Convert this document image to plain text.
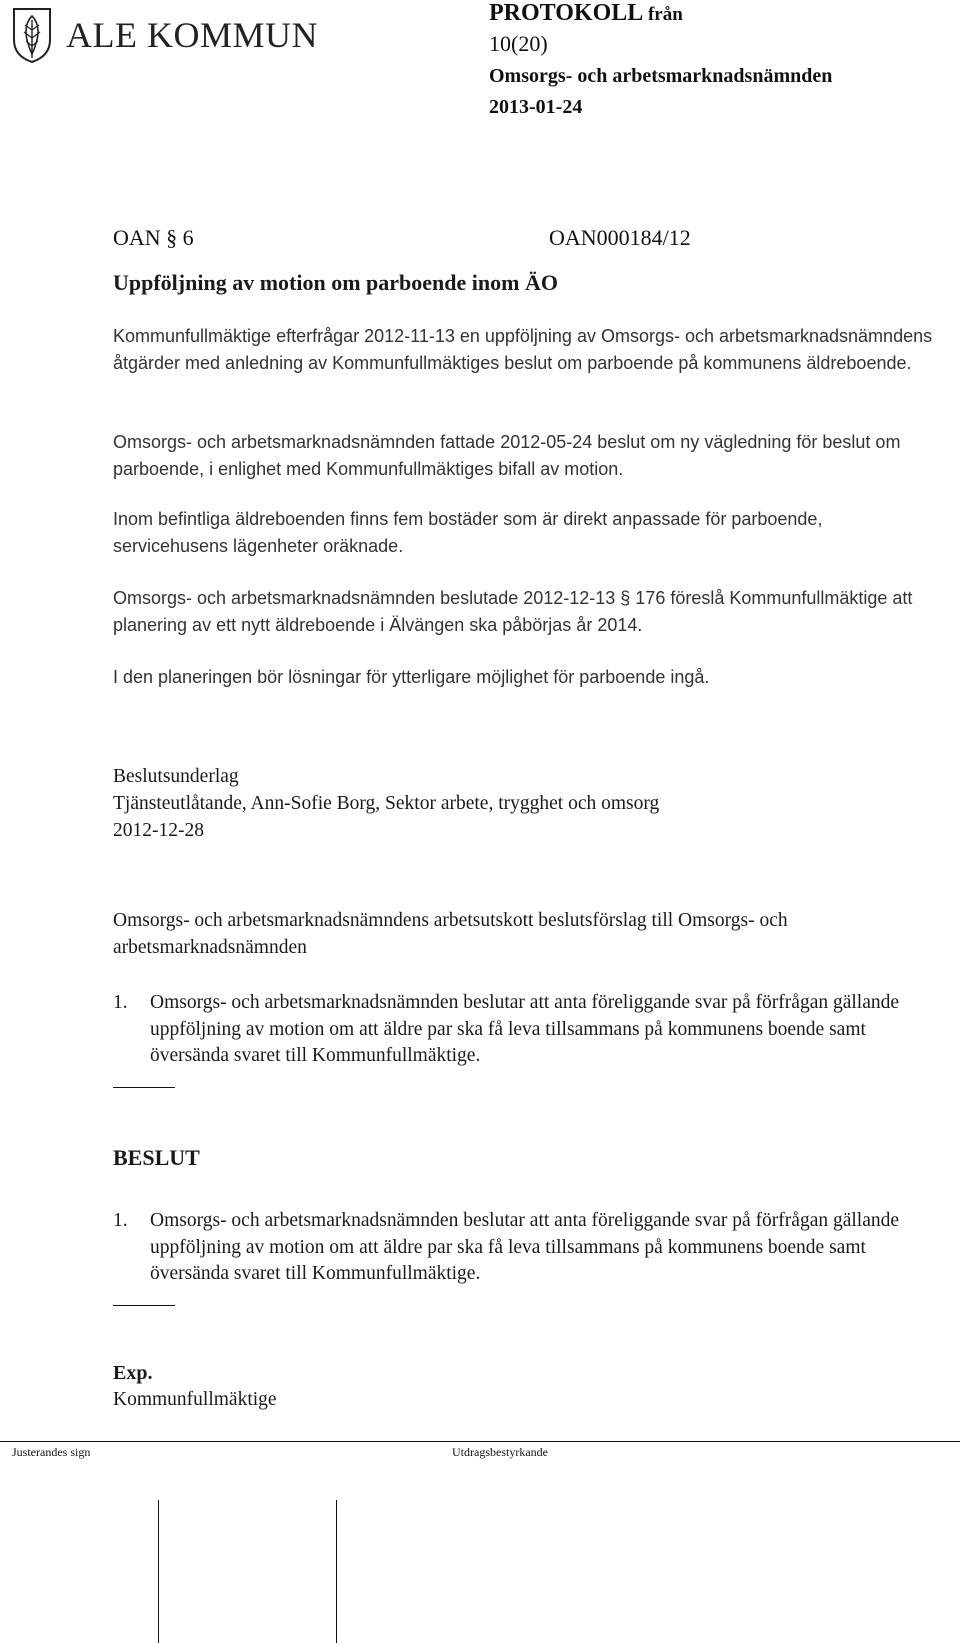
ALE KOMMUN
PROTOKOLL från
10(20)
Omsorgs- och arbetsmarknadsnämnden
2013-01-24
OAN § 6	OAN000184/12
Uppföljning av motion om parboende inom ÄO

Kommunfullmäktige efterfrågar 2012-11-13 en uppföljning av Omsorgs- och arbetsmarknadsnämndens åtgärder med anledning av Kommunfullmäktiges beslut om parboende på kommunens äldreboende.

Omsorgs- och arbetsmarknadsnämnden fattade 2012-05-24 beslut om ny vägledning för beslut om parboende, i enlighet med Kommunfullmäktiges bifall av motion.

Inom befintliga äldreboenden finns fem bostäder som är direkt anpassade för parboende, servicehusens lägenheter oräknade.

Omsorgs- och arbetsmarknadsnämnden beslutade 2012-12-13 § 176 föreslå Kommunfullmäktige att planering av ett nytt äldreboende i Älvängen ska påbörjas år 2014.

I den planeringen bör lösningar för ytterligare möjlighet för parboende ingå.

Beslutsunderlag
Tjänsteutlåtande, Ann-Sofie Borg, Sektor arbete, trygghet och omsorg
2012-12-28
Omsorgs- och arbetsmarknadsnämndens arbetsutskott beslutsförslag till Omsorgs- och arbetsmarknadsnämnden
1.	Omsorgs- och arbetsmarknadsnämnden beslutar att anta föreliggande svar på förfrågan gällande uppföljning av motion om att äldre par ska få leva tillsammans på kommunens boende samt översända svaret till Kommunfullmäktige.
BESLUT
1.	Omsorgs- och arbetsmarknadsnämnden beslutar att anta föreliggande svar på förfrågan gällande uppföljning av motion om att äldre par ska få leva tillsammans på kommunens boende samt översända svaret till Kommunfullmäktige.
Exp.
Kommunfullmäktige
Justerandes sign	Utdragsbestyrkande
